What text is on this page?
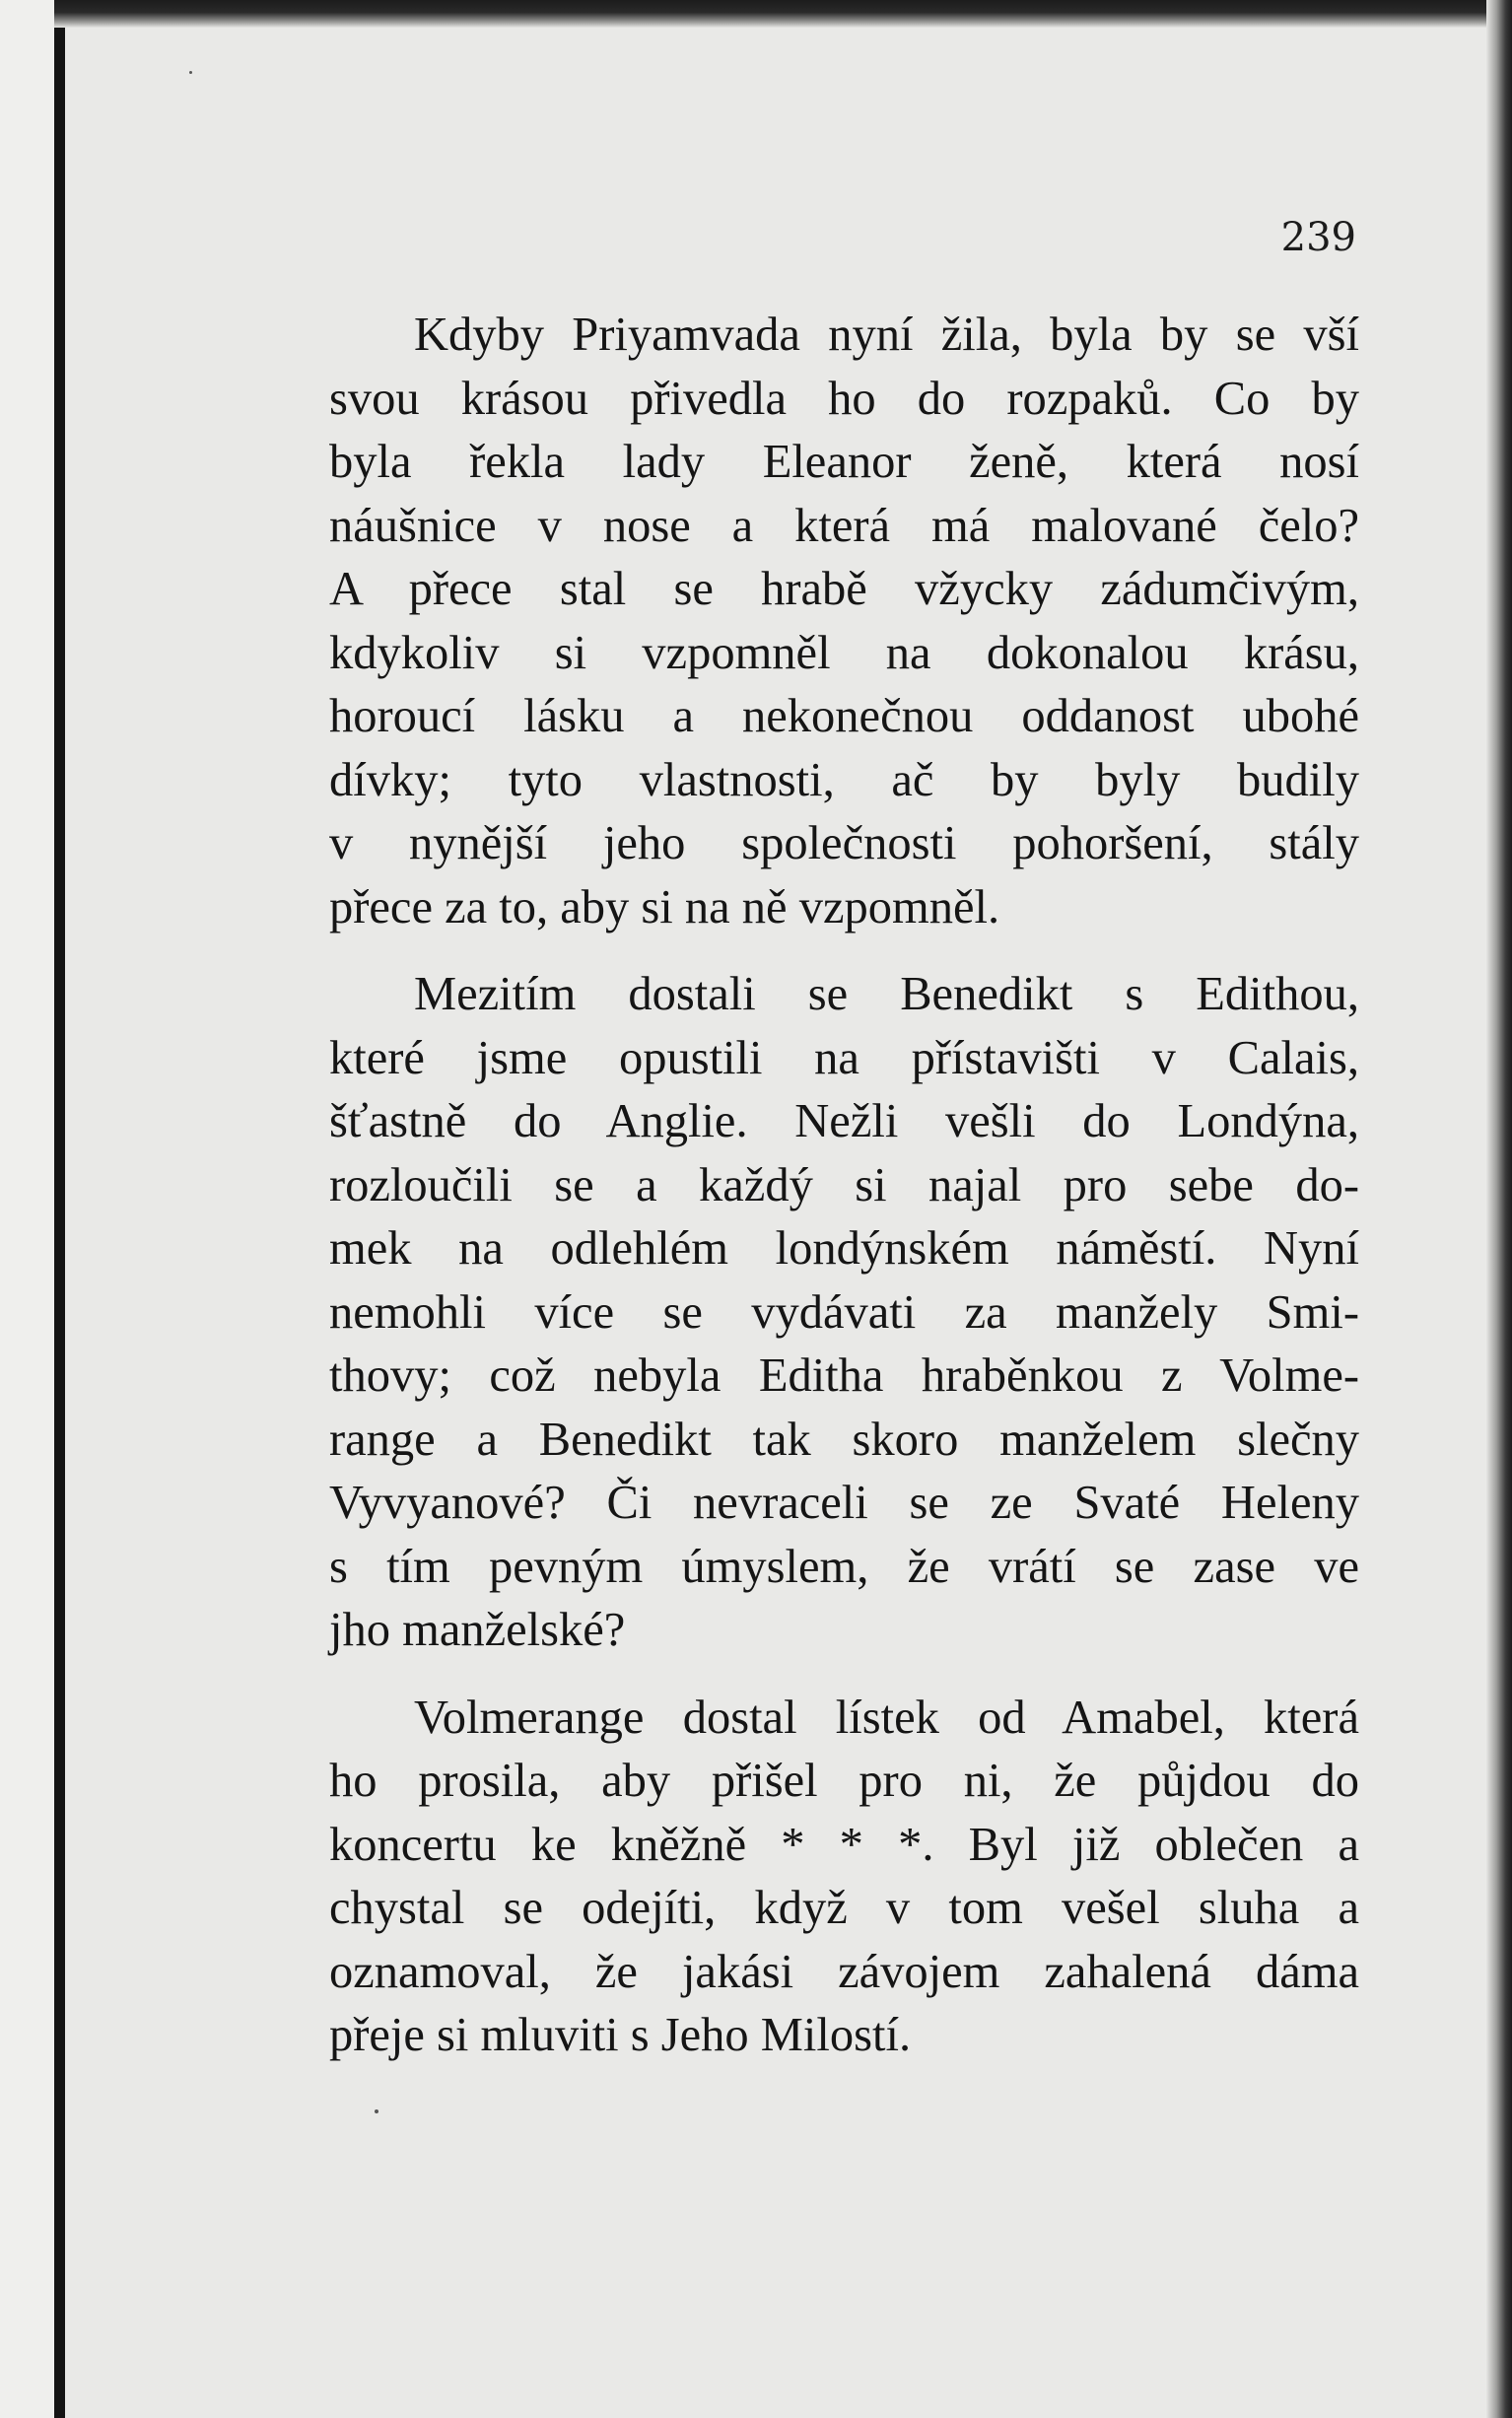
239

Kdyby Priyamvada nyní žila, byla by se vší
svou krásou přivedla ho do rozpaků. Co by
byla řekla lady Eleanor ženě, která nosí
náušnice v nose a která má malované čelo?
A přece stal se hrabě vžycky zádumčivým,
kdykoliv si vzpomněl na dokonalou krásu,
horoucí lásku a nekonečnou oddanost ubohé
dívky; tyto vlastnosti, ač by byly budily
v nynější jeho společnosti pohoršení, stály
přece za to, aby si na ně vzpomněl.

Mezitím dostali se Benedikt s Edithou,
které jsme opustili na přístavišti v Calais,
šťastně do Anglie. Nežli vešli do Londýna,
rozloučili se a každý si najal pro sebe do-
mek na odlehlém londýnském náměstí. Nyní
nemohli více se vydávati za manžely Smi-
thovy; což nebyla Editha hraběnkou z Volme-
range a Benedikt tak skoro manželem slečny
Vyvyanové? Či nevraceli se ze Svaté Heleny
s tím pevným úmyslem, že vrátí se zase ve
jho manželské?

Volmerange dostal lístek od Amabel, která
ho prosila, aby přišel pro ni, že půjdou do
koncertu ke kněžně * * *. Byl již oblečen a
chystal se odejíti, když v tom vešel sluha a
oznamoval, že jakási závojem zahalená dáma
přeje si mluviti s Jeho Milostí.
